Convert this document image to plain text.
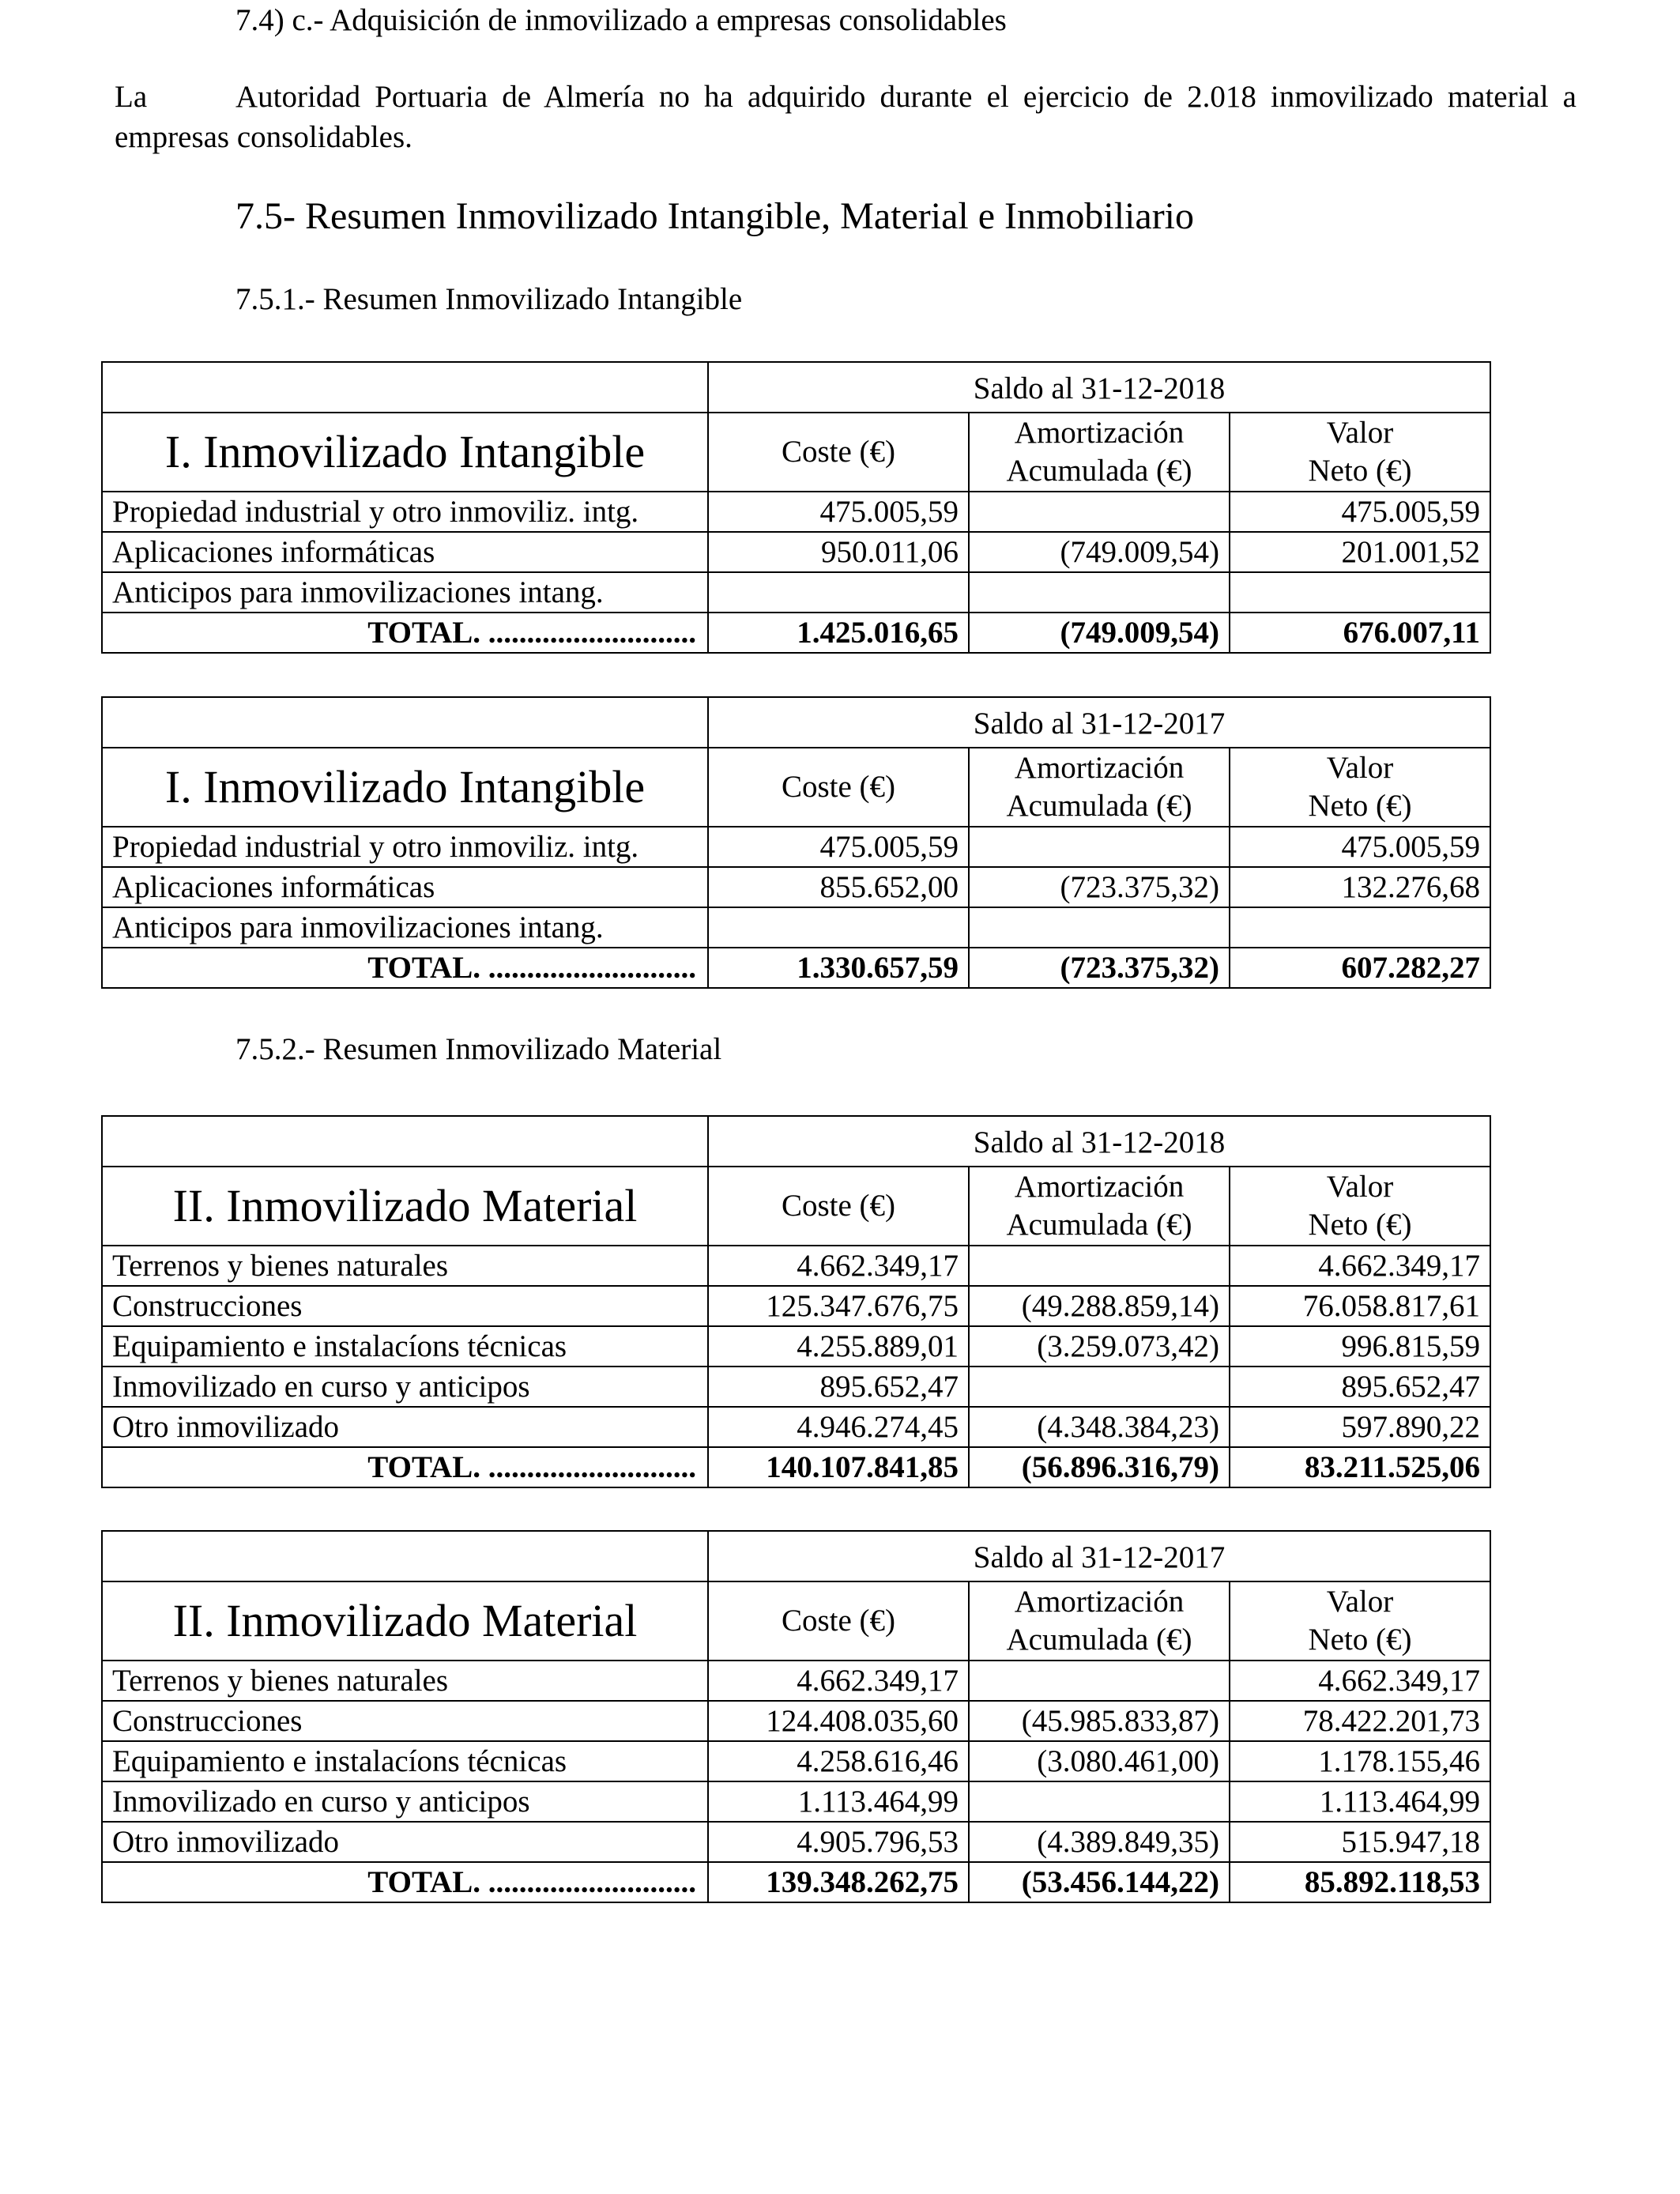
7.4) c.- Adquisición de inmovilizado a empresas consolidables
La	Autoridad Portuaria de Almería no ha adquirido durante el ejercicio de 2.018 inmovilizado material a empresas consolidables.
7.5- Resumen Inmovilizado Intangible, Material e Inmobiliario
7.5.1.- Resumen Inmovilizado Intangible
7.5.2.- Resumen Inmovilizado Material
	Saldo al 31-12-2018		
I. Inmovilizado Intangible	Coste (€)	Amortización
Acumulada (€)	Valor
Neto (€)
Propiedad industrial y otro inmoviliz. intg.	475.005,59		475.005,59
Aplicaciones informáticas	950.011,06	(749.009,54)	201.001,52
Anticipos para inmovilizaciones intang.			
TOTAL. ...........................	1.425.016,65	(749.009,54)	676.007,11
	Saldo al 31-12-2017		
I. Inmovilizado Intangible	Coste (€)	Amortización
Acumulada (€)	Valor
Neto (€)
Propiedad industrial y otro inmoviliz. intg.	475.005,59		475.005,59
Aplicaciones informáticas	855.652,00	(723.375,32)	132.276,68
Anticipos para inmovilizaciones intang.			
TOTAL. ...........................	1.330.657,59	(723.375,32)	607.282,27
	Saldo al 31-12-2018		
II. Inmovilizado Material	Coste (€)	Amortización
Acumulada (€)	Valor
Neto (€)
Terrenos y bienes naturales	4.662.349,17		4.662.349,17
Construcciones	125.347.676,75	(49.288.859,14)	76.058.817,61
Equipamiento e instalacíons técnicas	4.255.889,01	(3.259.073,42)	996.815,59
Inmovilizado en curso y anticipos	895.652,47		895.652,47
Otro inmovilizado	4.946.274,45	(4.348.384,23)	597.890,22
TOTAL. ...........................	140.107.841,85	(56.896.316,79)	83.211.525,06
	Saldo al 31-12-2017		
II. Inmovilizado Material	Coste (€)	Amortización
Acumulada (€)	Valor
Neto (€)
Terrenos y bienes naturales	4.662.349,17		4.662.349,17
Construcciones	124.408.035,60	(45.985.833,87)	78.422.201,73
Equipamiento e instalacíons técnicas	4.258.616,46	(3.080.461,00)	1.178.155,46
Inmovilizado en curso y anticipos	1.113.464,99		1.113.464,99
Otro inmovilizado	4.905.796,53	(4.389.849,35)	515.947,18
TOTAL. ...........................	139.348.262,75	(53.456.144,22)	85.892.118,53
